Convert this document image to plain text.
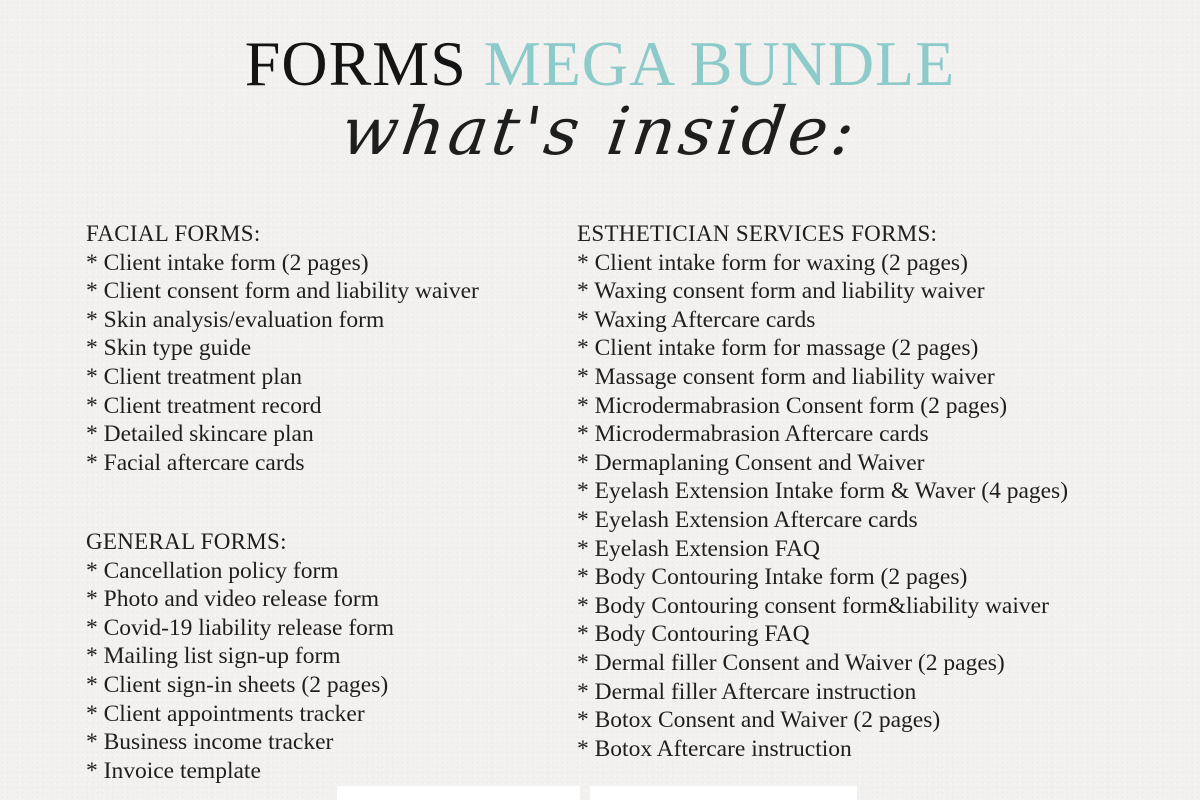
FORMS MEGA BUNDLE
what's inside:
FACIAL FORMS:
* Client intake form (2 pages)
* Client consent form and liability waiver
* Skin analysis/evaluation form
* Skin type guide
* Client treatment plan
* Client treatment record
* Detailed skincare plan
* Facial aftercare cards
GENERAL FORMS:
* Cancellation policy form
* Photo and video release form
* Covid-19 liability release form
* Mailing list sign-up form
* Client sign-in sheets (2 pages)
* Client appointments tracker
* Business income tracker
* Invoice template
ESTHETICIAN SERVICES FORMS:
* Client intake form for waxing (2 pages)
* Waxing consent form and liability waiver
* Waxing Aftercare cards
* Client intake form for massage (2 pages)
* Massage consent form and liability waiver
* Microdermabrasion Consent form (2 pages)
* Microdermabrasion Aftercare cards
* Dermaplaning Consent and Waiver
* Eyelash Extension Intake form & Waver (4 pages)
* Eyelash Extension Aftercare cards
* Eyelash Extension FAQ
* Body Contouring Intake form (2 pages)
* Body Contouring consent form&liability waiver
* Body Contouring FAQ
* Dermal filler Consent and Waiver (2 pages)
* Dermal filler Aftercare instruction
* Botox Consent and Waiver (2 pages)
* Botox Aftercare instruction
